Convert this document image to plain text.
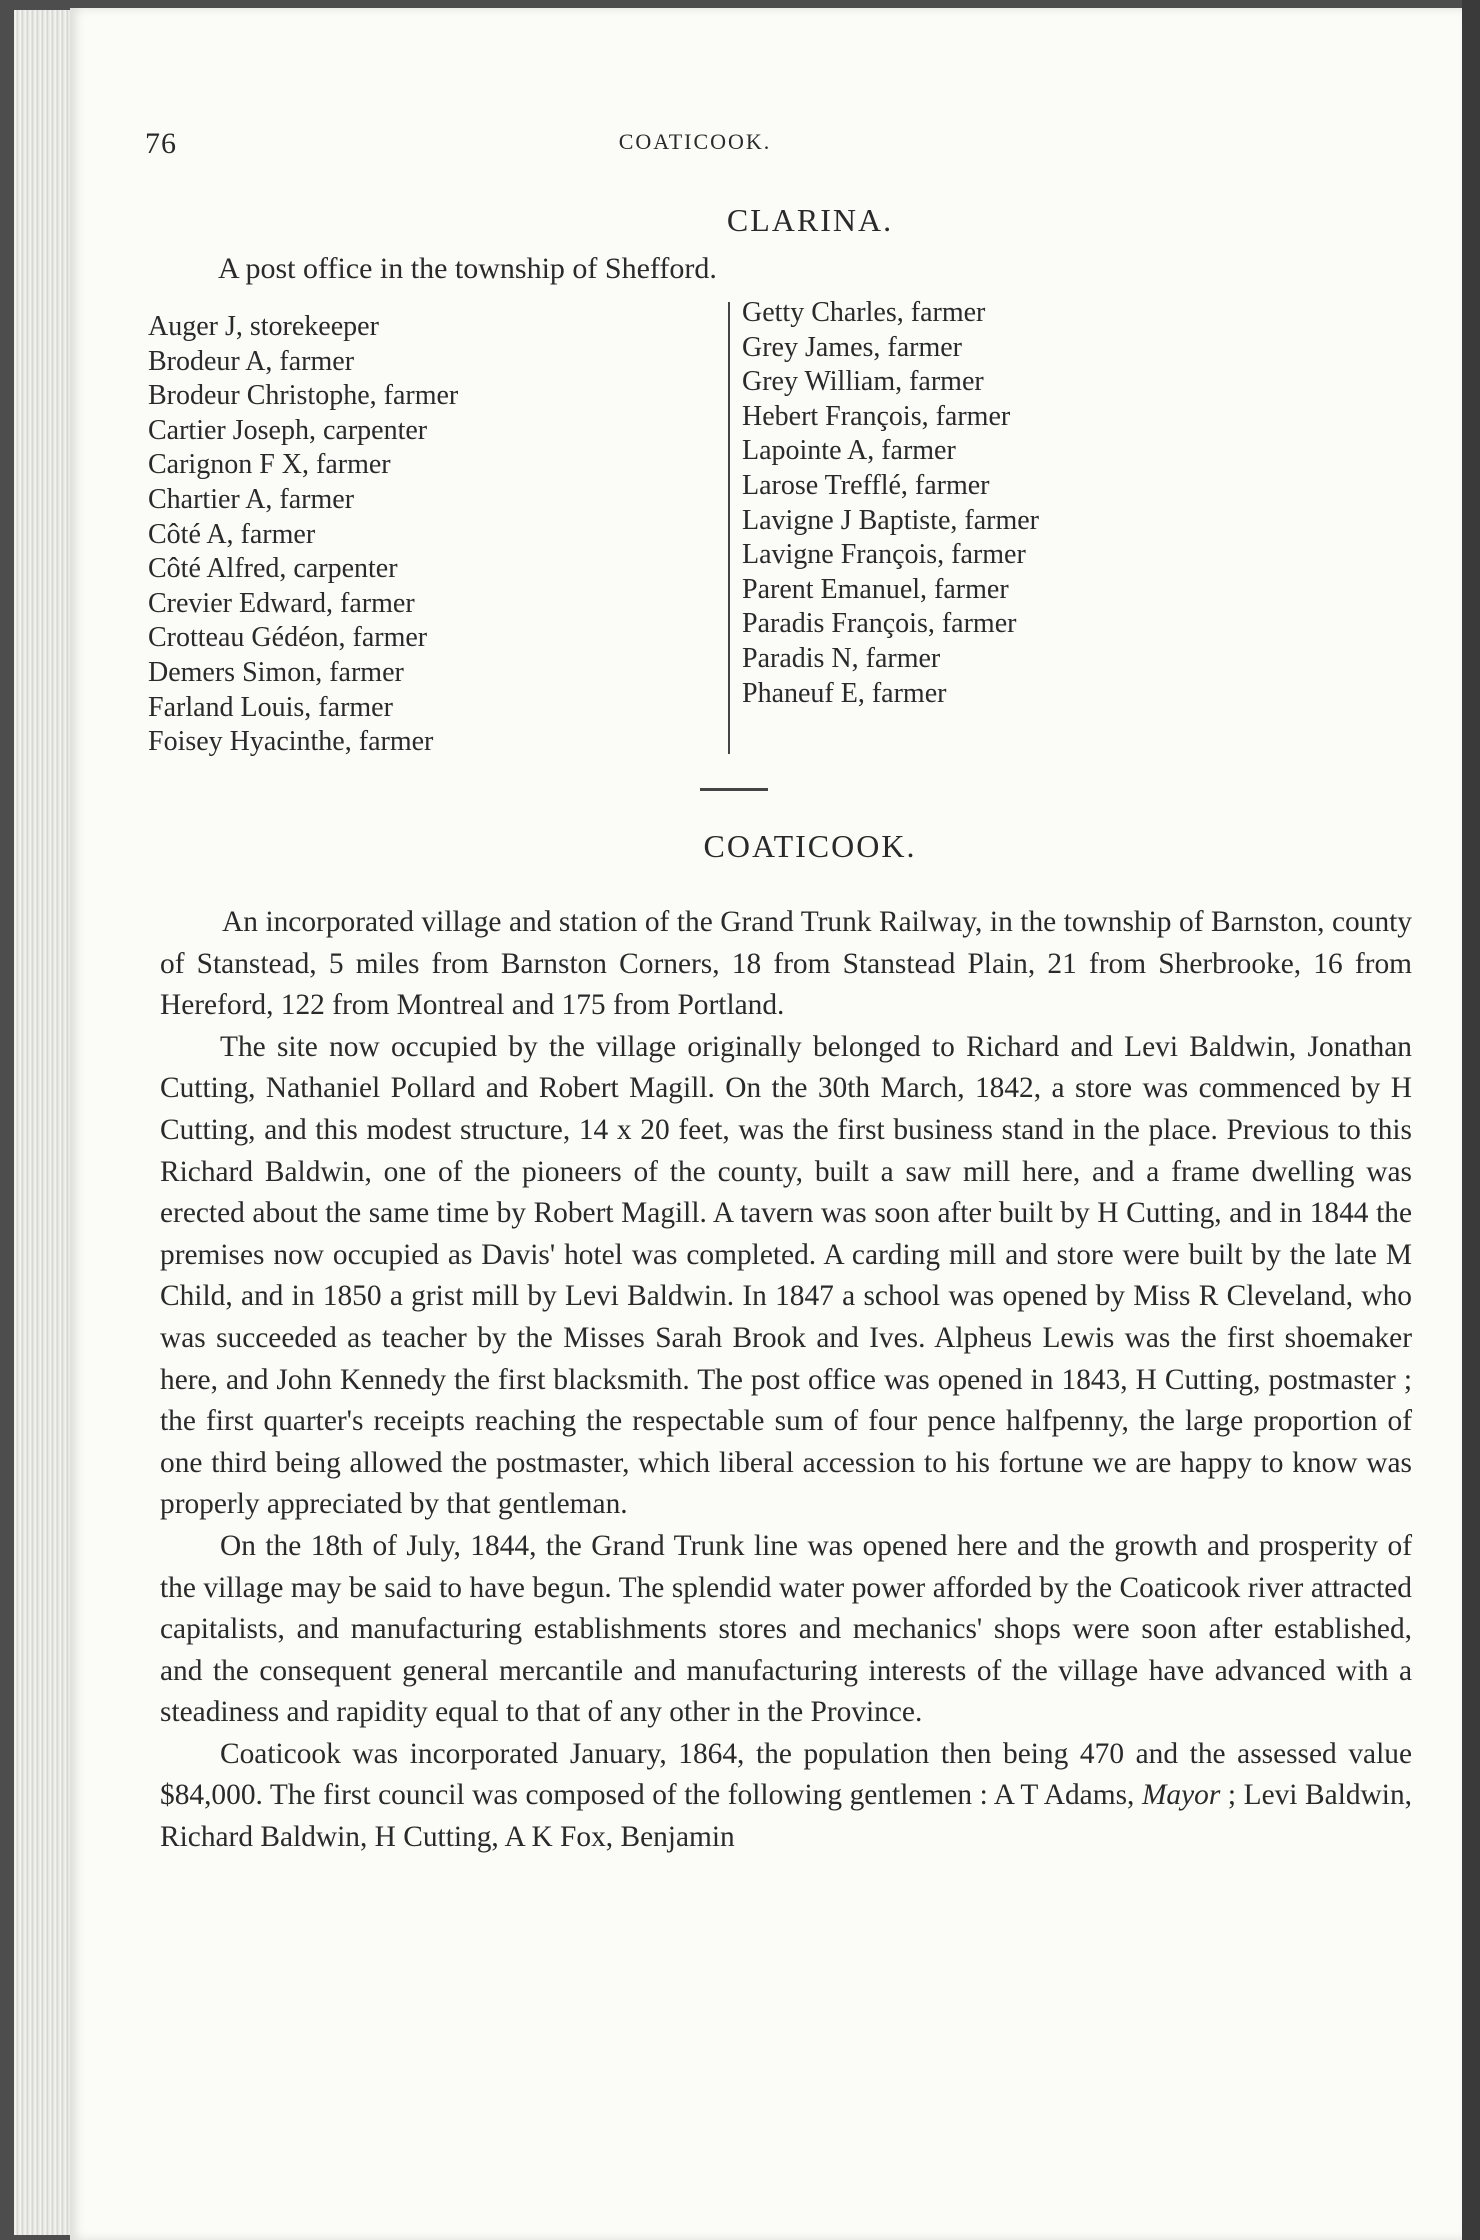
76	COATICOOK.
CLARINA.
A post office in the township of Shefford.
Auger J, storekeeper
Brodeur A, farmer
Brodeur Christophe, farmer
Cartier Joseph, carpenter
Carignon F X, farmer
Chartier A, farmer
Côté A, farmer
Côté Alfred, carpenter
Crevier Edward, farmer
Crotteau Gédéon, farmer
Demers Simon, farmer
Farland Louis, farmer
Foisey Hyacinthe, farmer
Getty Charles, farmer
Grey James, farmer
Grey William, farmer
Hebert François, farmer
Lapointe A, farmer
Larose Trefflé, farmer
Lavigne J Baptiste, farmer
Lavigne François, farmer
Parent Emanuel, farmer
Paradis François, farmer
Paradis N, farmer
Phaneuf E, farmer
COATICOOK.

An incorporated village and station of the Grand Trunk Railway, in the township of Barnston, county of Stanstead, 5 miles from Barnston Corners, 18 from Stanstead Plain, 21 from Sherbrooke, 16 from Hereford, 122 from Montreal and 175 from Portland.

The site now occupied by the village originally belonged to Richard and Levi Baldwin, Jonathan Cutting, Nathaniel Pollard and Robert Magill. On the 30th March, 1842, a store was commenced by H Cutting, and this modest structure, 14 x 20 feet, was the first business stand in the place. Previous to this Richard Baldwin, one of the pioneers of the county, built a saw mill here, and a frame dwelling was erected about the same time by Robert Magill. A tavern was soon after built by H Cutting, and in 1844 the premises now occupied as Davis' hotel was completed. A carding mill and store were built by the late M Child, and in 1850 a grist mill by Levi Baldwin. In 1847 a school was opened by Miss R Cleveland, who was succeeded as teacher by the Misses Sarah Brook and Ives. Alpheus Lewis was the first shoemaker here, and John Kennedy the first blacksmith. The post office was opened in 1843, H Cutting, postmaster ; the first quarter's receipts reaching the respectable sum of four pence halfpenny, the large proportion of one third being allowed the postmaster, which liberal accession to his fortune we are happy to know was properly appreciated by that gentleman.

On the 18th of July, 1844, the Grand Trunk line was opened here and the growth and prosperity of the village may be said to have begun. The splendid water power afforded by the Coaticook river attracted capitalists, and manufacturing establishments stores and mechanics' shops were soon after established, and the consequent general mercantile and manufacturing interests of the village have advanced with a steadiness and rapidity equal to that of any other in the Province.

Coaticook was incorporated January, 1864, the population then being 470 and the assessed value $84,000. The first council was composed of the following gentlemen : A T Adams, Mayor ; Levi Baldwin, Richard Baldwin, H Cutting, A K Fox, Benjamin
